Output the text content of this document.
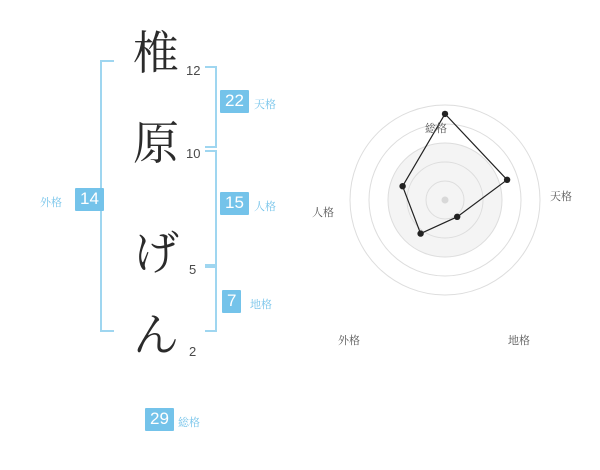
14
外格
椎 12
原 10
げ 5
ん 2
22 天格
15 人格
7	地格
29 総格
総格
天格
地格
外格
人格
